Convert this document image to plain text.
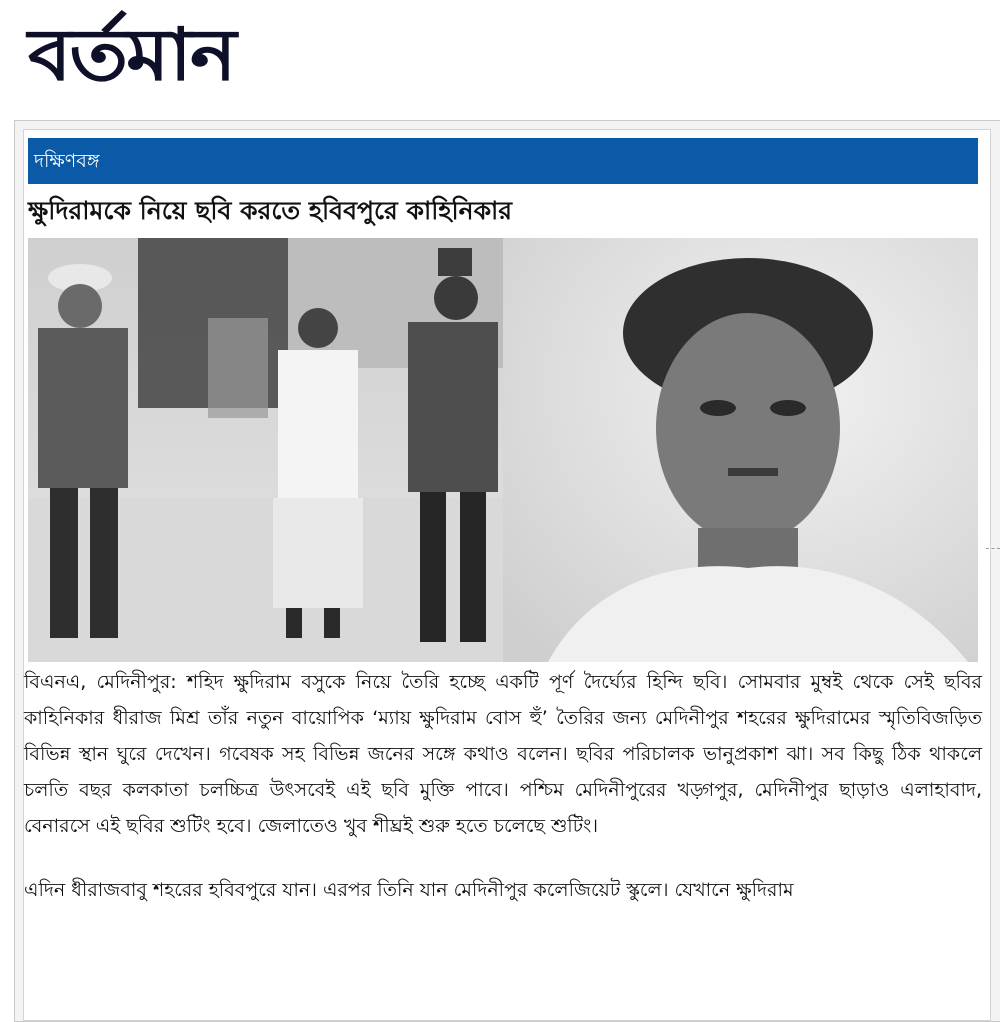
বর্তমান
দক্ষিণবঙ্গ
ক্ষুদিরামকে নিয়ে ছবি করতে হবিবপুরে কাহিনিকার

বিএনএ, মেদিনীপুর: শহিদ ক্ষুদিরাম বসুকে নিয়ে তৈরি হচ্ছে একটি পূর্ণ দৈর্ঘ্যের হিন্দি ছবি। সোমবার মুম্বই থেকে সেই ছবির কাহিনিকার ধীরাজ মিশ্র তাঁর নতুন বায়োপিক ‘ম্যায় ক্ষুদিরাম বোস হুঁ’ তৈরির জন্য মেদিনীপুর শহরের ক্ষুদিরামের স্মৃতিবিজড়িত বিভিন্ন স্থান ঘুরে দেখেন। গবেষক সহ বিভিন্ন জনের সঙ্গে কথাও বলেন। ছবির পরিচালক ভানুপ্রকাশ ঝা। সব কিছু ঠিক থাকলে চলতি বছর কলকাতা চলচ্চিত্র উৎসবেই এই ছবি মুক্তি পাবে। পশ্চিম মেদিনীপুরের খড়্গপুর, মেদিনীপুর ছাড়াও এলাহাবাদ, বেনারসে এই ছবির শুটিং হবে। জেলাতেও খুব শীঘ্রই শুরু হতে চলেছে শুটিং।

এদিন ধীরাজবাবু শহরের হবিবপুরে যান। এরপর তিনি যান মেদিনীপুর কলেজিয়েট স্কুলে। যেখানে ক্ষুদিরাম
